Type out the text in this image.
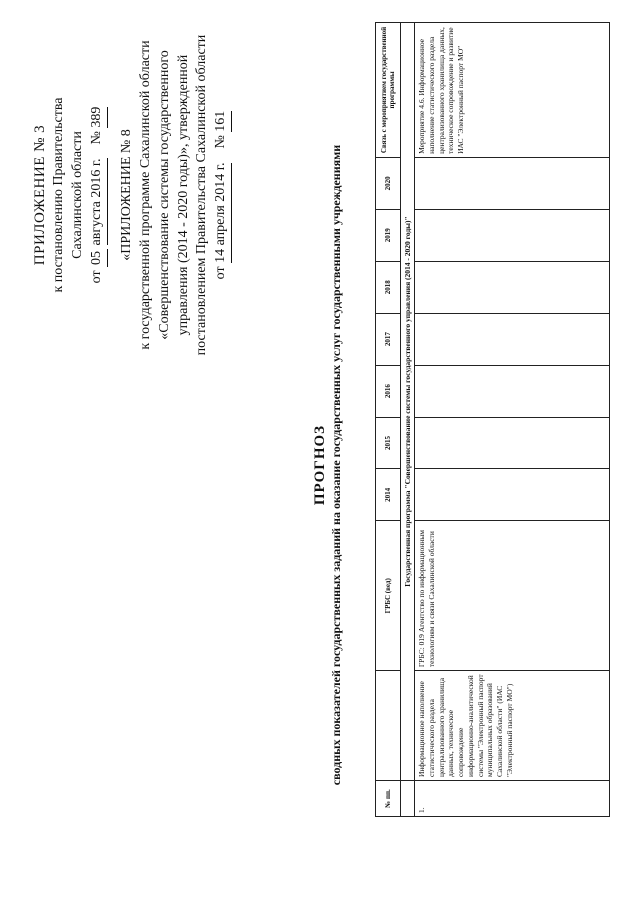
ПРИЛОЖЕНИЕ № 3 к постановлению Правительства Сахалинской области
от 05 августа 2016 г.    № 389
«ПРИЛОЖЕНИЕ № 8 к государственной программе Сахалинской области «Совершенствование системы государственного управления (2014 - 2020 годы)», утвержденной постановлением Правительства Сахалинской области от 14 апреля 2014 г.    № 161
ПРОГНОЗ сводных показателей государственных заданий на оказание государственных услуг государственными учреждениями
№ пп.		ГРБС (вед)	2014	2015	2016	2017	2018	2019	2020	Связь с мероприятием государственной программы
	Государственная программа "Совершенствование системы государственного управления (2014 - 2020 годы)"									
1.	Информационное наполнение статистического раздела централизованного хранилища данных, техническое сопровождение информационно-аналитической системы "Электронный паспорт муниципальных образований Сахалинской области" (ИАС "Электронный паспорт МО")	ГРБС: 019 Агентство по информационным технологиям и связи Сахалинской области								Мероприятие 4.6. Информационное наполнение статистического раздела централизованного хранилища данных, техническое сопровождение и развитие ИАС "Электронный паспорт МО"
